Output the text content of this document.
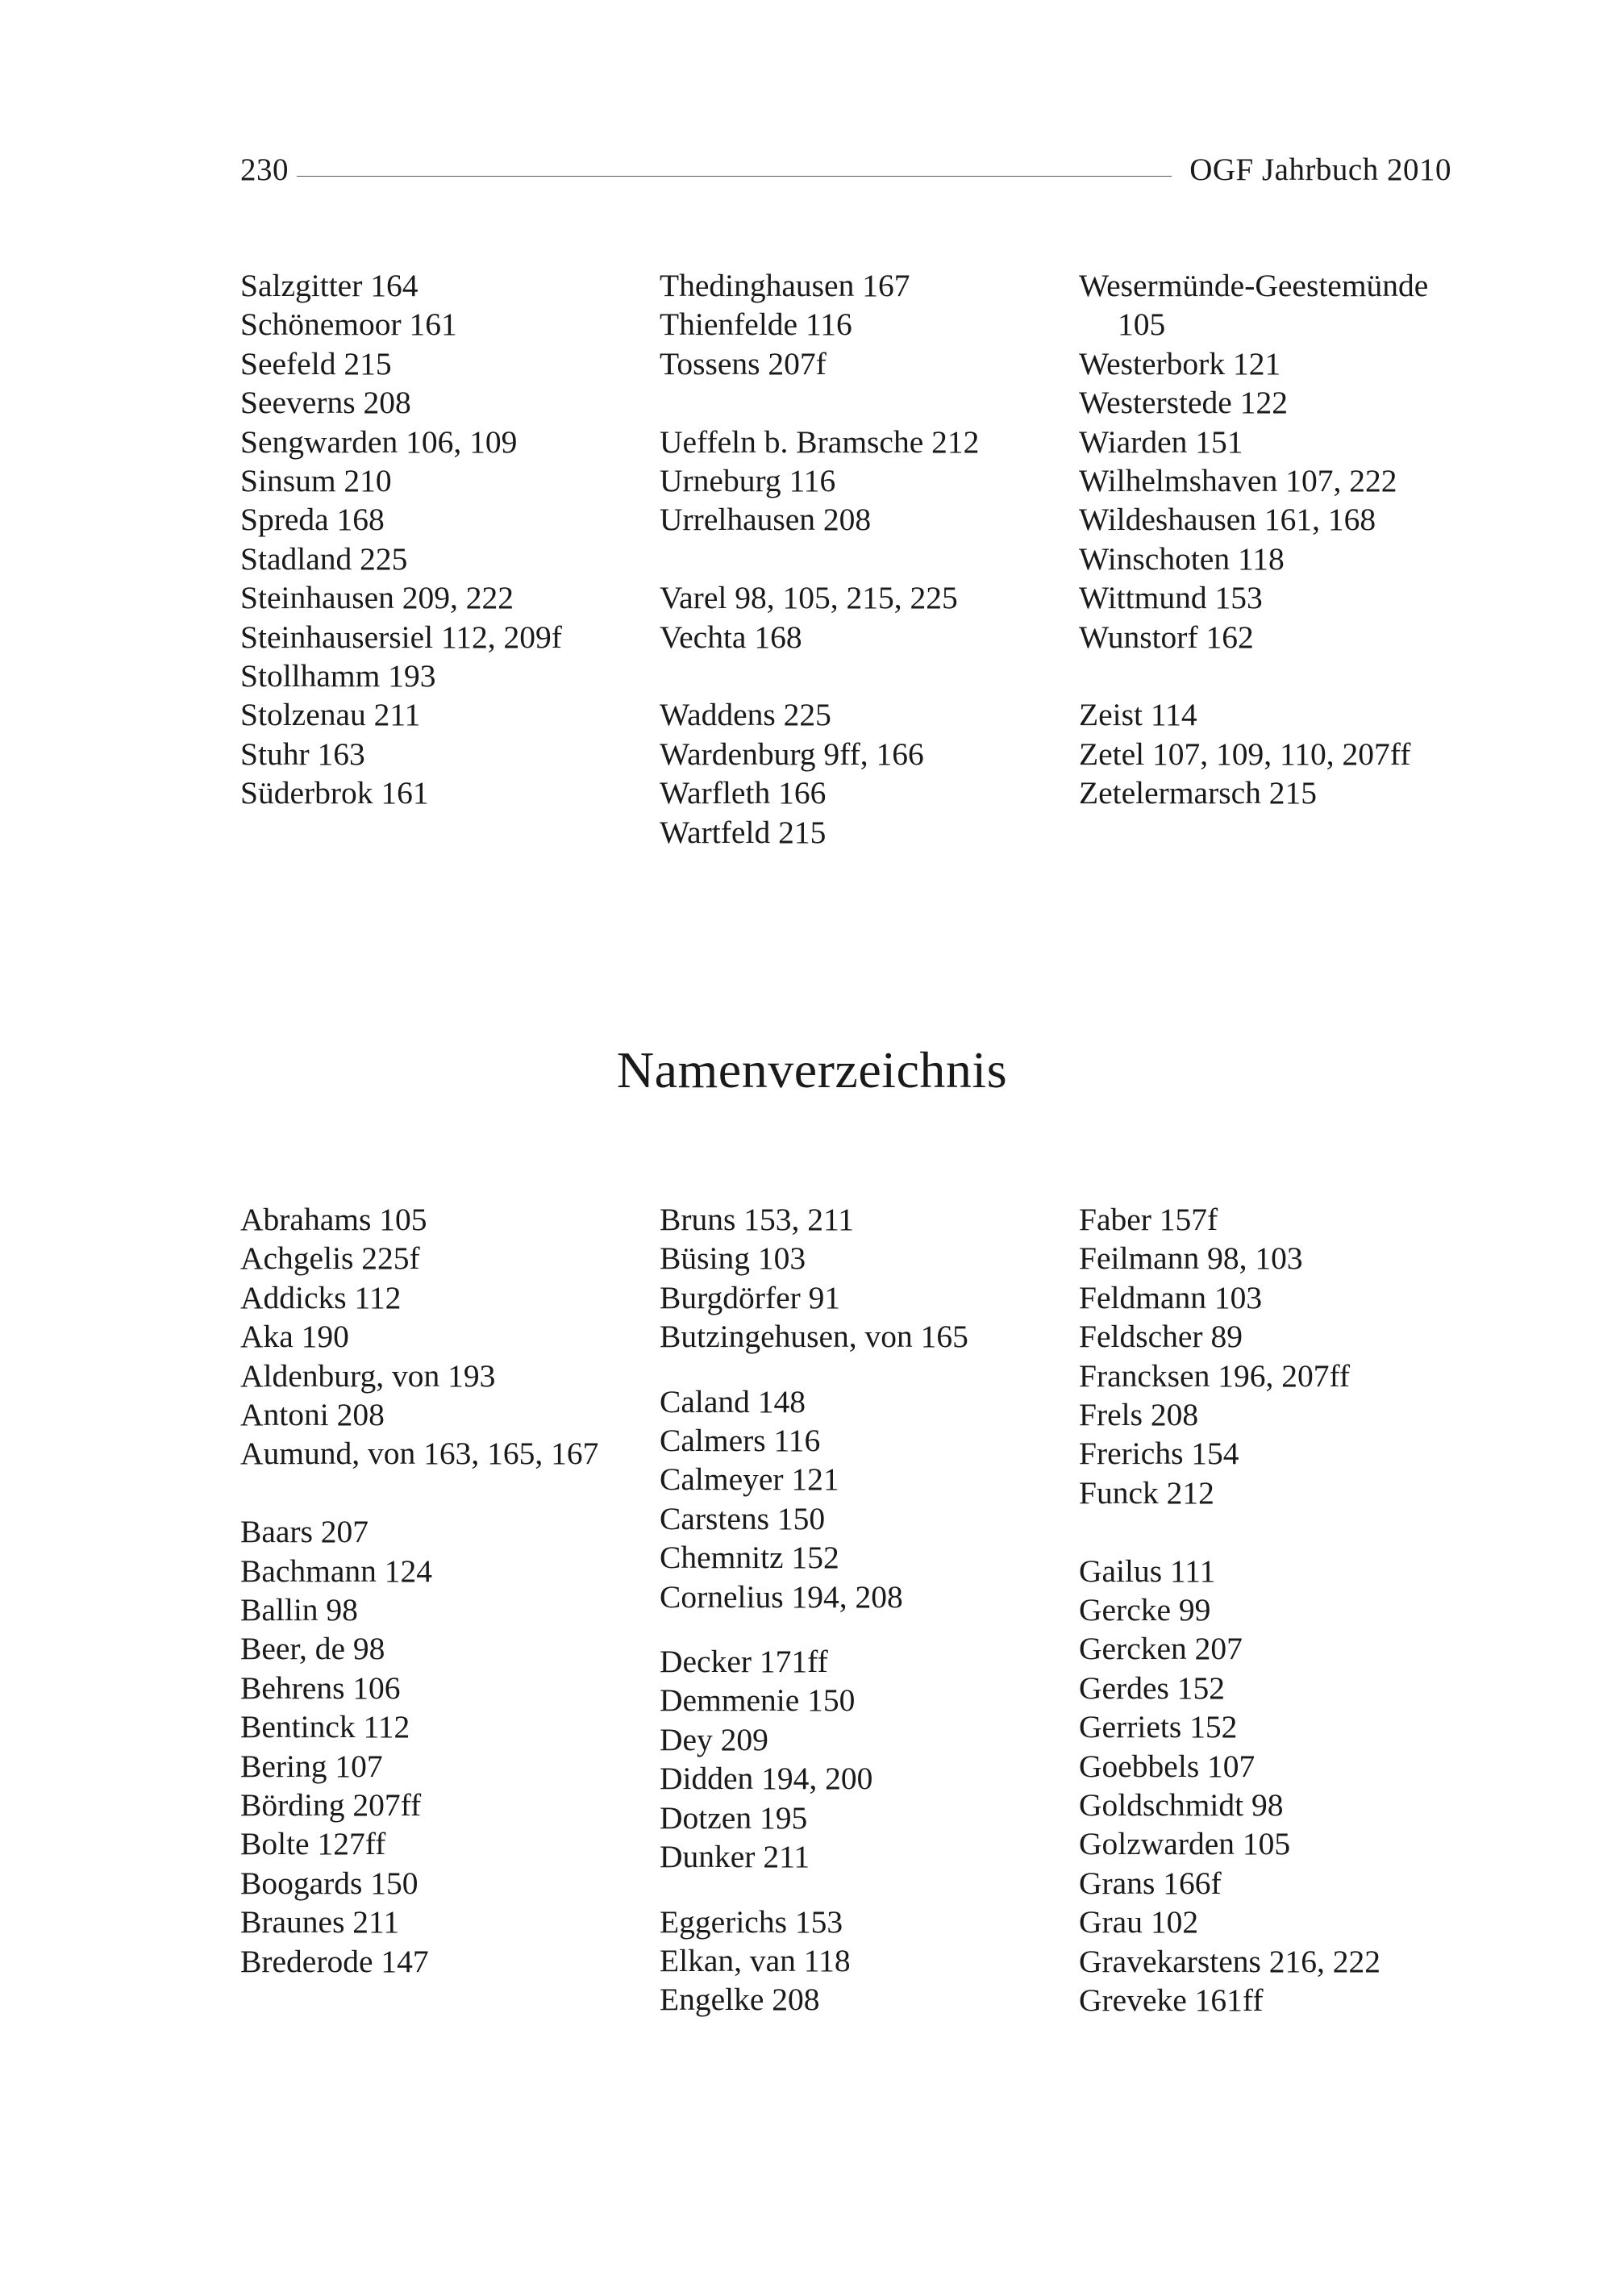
230	OGF Jahrbuch 2010
Salzgitter 164
Schönemoor 161
Seefeld 215
Seeverns 208
Sengwarden 106, 109
Sinsum 210
Spreda 168
Stadland 225
Steinhausen 209, 222
Steinhausersiel 112, 209f
Stollhamm 193
Stolzenau 211
Stuhr 163
Süderbrok 161
Thedinghausen 167
Thienfelde 116
Tossens 207f
Ueffeln b. Bramsche 212
Urneburg 116
Urrelhausen 208
Varel 98, 105, 215, 225
Vechta 168
Waddens 225
Wardenburg 9ff, 166
Warfleth 166
Wartfeld 215
Wesermünde-Geestemünde 105
Westerbork 121
Westerstede 122
Wiarden 151
Wilhelmshaven 107, 222
Wildeshausen 161, 168
Winschoten 118
Wittmund 153
Wunstorf 162
Zeist 114
Zetel 107, 109, 110, 207ff
Zetelermarsch 215
Namenverzeichnis
Abrahams 105
Achgelis 225f
Addicks 112
Aka 190
Aldenburg, von 193
Antoni 208
Aumund, von 163, 165, 167
Baars 207
Bachmann 124
Ballin 98
Beer, de 98
Behrens 106
Bentinck 112
Bering 107
Börding 207ff
Bolte 127ff
Boogards 150
Braunes 211
Brederode 147
Bruns 153, 211
Büsing 103
Burgdörfer 91
Butzingehusen, von 165
Caland 148
Calmers 116
Calmeyer 121
Carstens 150
Chemnitz 152
Cornelius 194, 208
Decker 171ff
Demmenie 150
Dey 209
Didden 194, 200
Dotzen 195
Dunker 211
Eggerichs 153
Elkan, van 118
Engelke 208
Faber 157f
Feilmann 98, 103
Feldmann 103
Feldscher 89
Francksen 196, 207ff
Frels 208
Frerichs 154
Funck 212
Gailus 111
Gercke 99
Gercken 207
Gerdes 152
Gerriets 152
Goebbels 107
Goldschmidt 98
Golzwarden 105
Grans 166f
Grau 102
Gravekarstens 216, 222
Greveke 161ff
